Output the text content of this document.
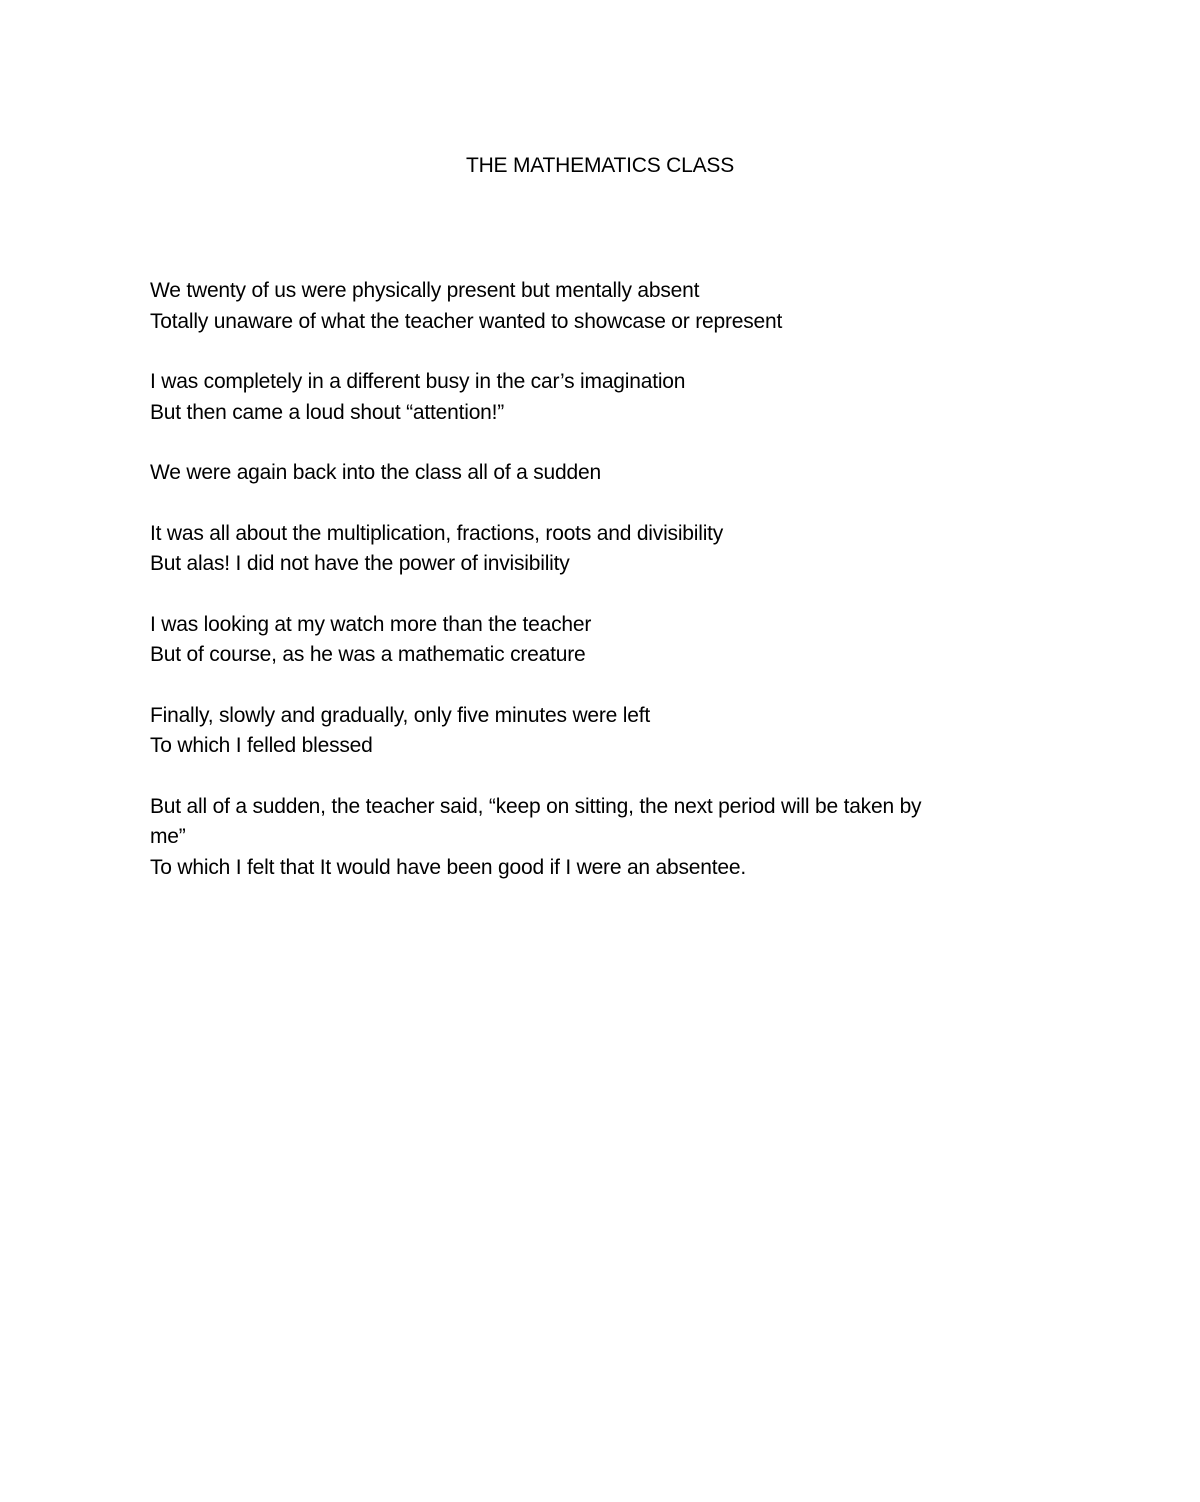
THE MATHEMATICS CLASS
We twenty of us were physically present but mentally absent
Totally unaware of what the teacher wanted to showcase or represent
I was completely in a different busy in the car’s imagination
But then came a loud shout “attention!”
We were again back into the class all of a sudden
It was all about the multiplication, fractions, roots and divisibility
But alas! I did not have the power of invisibility
I was looking at my watch more than the teacher
But of course, as he was a mathematic creature
Finally, slowly and gradually, only five minutes were left
To which I felled blessed
But all of a sudden, the teacher said, “keep on sitting, the next period will be taken by
me”
To which I felt that It would have been good if I were an absentee.
